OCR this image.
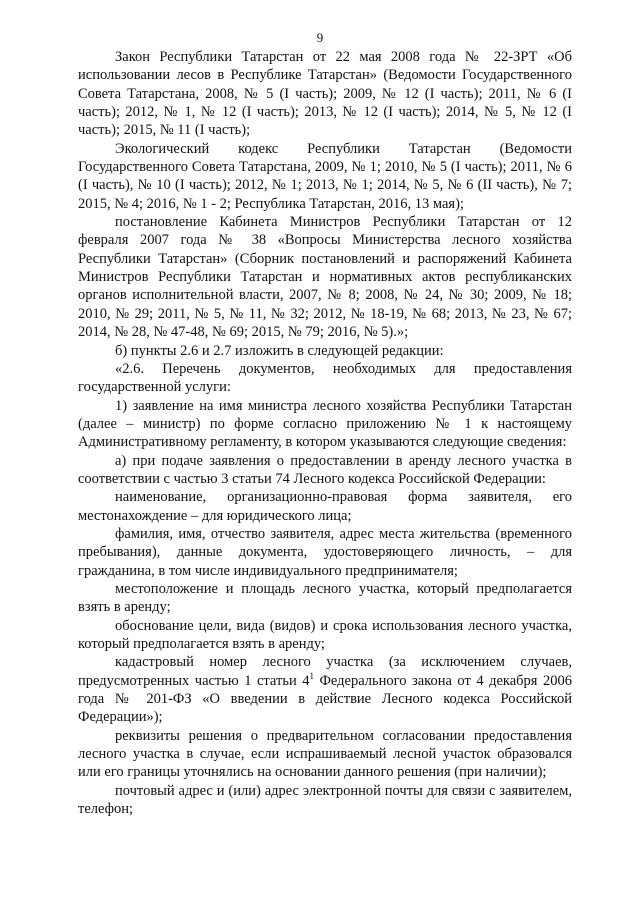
9

Закон Республики Татарстан от 22 мая 2008 года № 22-ЗРТ «Об использовании лесов в Республике Татарстан» (Ведомости Государственного Совета Татарстана, 2008, № 5 (I часть); 2009, № 12 (I часть); 2011, № 6 (I часть); 2012, № 1, № 12 (I часть); 2013, № 12 (I часть); 2014, № 5, № 12 (I часть); 2015, № 11 (I часть);

Экологический кодекс Республики Татарстан (Ведомости Государственного Совета Татарстана, 2009, № 1; 2010, № 5 (I часть); 2011, № 6 (I часть), № 10 (I часть); 2012, № 1; 2013, № 1; 2014, № 5, № 6 (II часть), № 7; 2015, № 4; 2016, № 1 - 2; Республика Татарстан, 2016, 13 мая);

постановление Кабинета Министров Республики Татарстан от 12 февраля 2007 года № 38 «Вопросы Министерства лесного хозяйства Республики Татарстан» (Сборник постановлений и распоряжений Кабинета Министров Республики Татарстан и нормативных актов республиканских органов исполнительной власти, 2007, № 8; 2008, № 24, № 30; 2009, № 18; 2010, № 29; 2011, № 5, № 11, № 32; 2012, № 18-19, № 68; 2013, № 23, № 67; 2014, № 28, № 47-48, № 69; 2015, № 79; 2016, № 5).»;

б) пункты 2.6 и 2.7 изложить в следующей редакции:

«2.6. Перечень документов, необходимых для предоставления государственной услуги:

1) заявление на имя министра лесного хозяйства Республики Татарстан (далее – министр) по форме согласно приложению № 1 к настоящему Административному регламенту, в котором указываются следующие сведения:

а) при подаче заявления о предоставлении в аренду лесного участка в соответствии с частью 3 статьи 74 Лесного кодекса Российской Федерации:

наименование, организационно-правовая форма заявителя, его местонахождение – для юридического лица;

фамилия, имя, отчество заявителя, адрес места жительства (временного пребывания), данные документа, удостоверяющего личность, – для гражданина, в том числе индивидуального предпринимателя;

местоположение и площадь лесного участка, который предполагается взять в аренду;

обоснование цели, вида (видов) и срока использования лесного участка, который предполагается взять в аренду;

кадастровый номер лесного участка (за исключением случаев, предусмотренных частью 1 статьи $4^1$ Федерального закона от 4 декабря 2006 года № 201-ФЗ «О введении в действие Лесного кодекса Российской Федерации»);

реквизиты решения о предварительном согласовании предоставления лесного участка в случае, если испрашиваемый лесной участок образовался или его границы уточнялись на основании данного решения (при наличии);

почтовый адрес и (или) адрес электронной почты для связи с заявителем, телефон;
